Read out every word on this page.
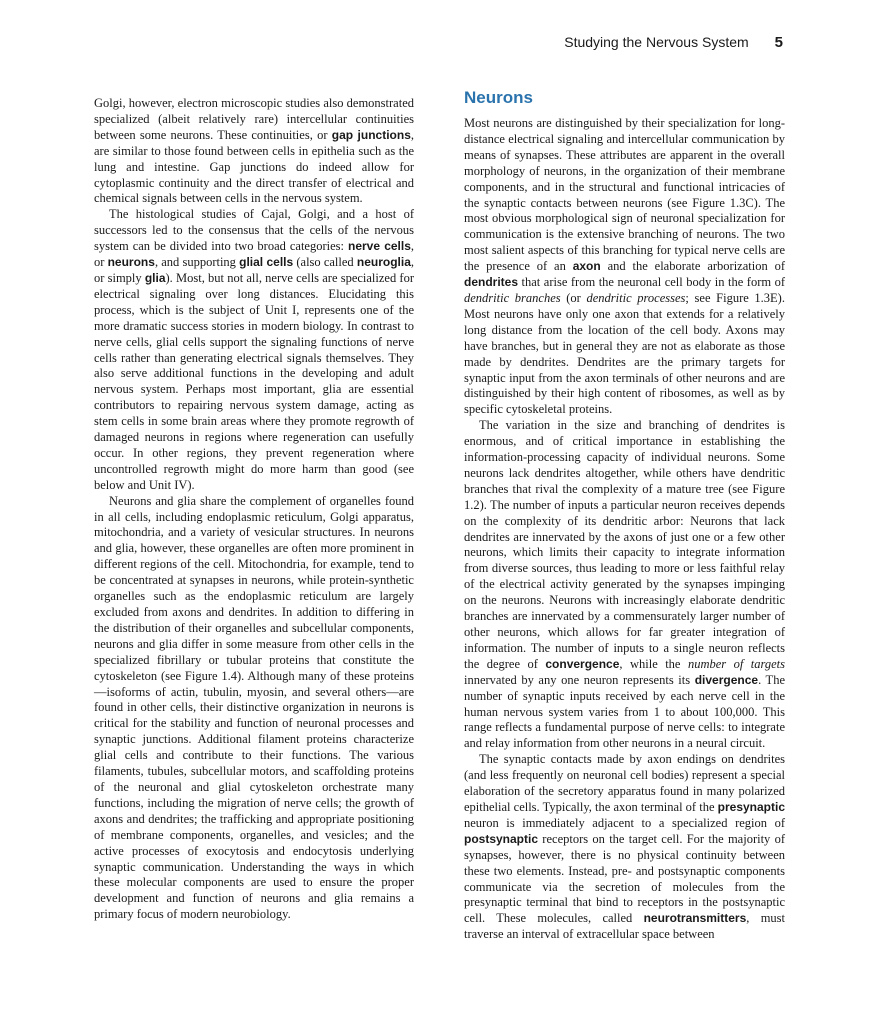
Studying the Nervous System 5

Golgi, however, electron microscopic studies also demonstrated specialized (albeit relatively rare) intercellular continuities between some neurons. These continuities, or gap junctions, are similar to those found between cells in epithelia such as the lung and intestine. Gap junctions do indeed allow for cytoplasmic continuity and the direct transfer of electrical and chemical signals between cells in the nervous system.

The histological studies of Cajal, Golgi, and a host of successors led to the consensus that the cells of the nervous system can be divided into two broad categories: nerve cells, or neurons, and supporting glial cells (also called neuroglia, or simply glia). Most, but not all, nerve cells are specialized for electrical signaling over long distances. Elucidating this process, which is the subject of Unit I, represents one of the more dramatic success stories in modern biology. In contrast to nerve cells, glial cells support the signaling functions of nerve cells rather than generating electrical signals themselves. They also serve additional functions in the developing and adult nervous system. Perhaps most important, glia are essential contributors to repairing nervous system damage, acting as stem cells in some brain areas where they promote regrowth of damaged neurons in regions where regeneration can usefully occur. In other regions, they prevent regeneration where uncontrolled regrowth might do more harm than good (see below and Unit IV).

Neurons and glia share the complement of organelles found in all cells, including endoplasmic reticulum, Golgi apparatus, mitochondria, and a variety of vesicular structures. In neurons and glia, however, these organelles are often more prominent in different regions of the cell. Mitochondria, for example, tend to be concentrated at synapses in neurons, while protein-synthetic organelles such as the endoplasmic reticulum are largely excluded from axons and dendrites. In addition to differing in the distribution of their organelles and subcellular components, neurons and glia differ in some measure from other cells in the specialized fibrillary or tubular proteins that constitute the cytoskeleton (see Figure 1.4). Although many of these proteins—isoforms of actin, tubulin, myosin, and several others—are found in other cells, their distinctive organization in neurons is critical for the stability and function of neuronal processes and synaptic junctions. Additional filament proteins characterize glial cells and contribute to their functions. The various filaments, tubules, subcellular motors, and scaffolding proteins of the neuronal and glial cytoskeleton orchestrate many functions, including the migration of nerve cells; the growth of axons and dendrites; the trafficking and appropriate positioning of membrane components, organelles, and vesicles; and the active processes of exocytosis and endocytosis underlying synaptic communication. Understanding the ways in which these molecular components are used to ensure the proper development and function of neurons and glia remains a primary focus of modern neurobiology.

Neurons

Most neurons are distinguished by their specialization for long-distance electrical signaling and intercellular communication by means of synapses. These attributes are apparent in the overall morphology of neurons, in the organization of their membrane components, and in the structural and functional intricacies of the synaptic contacts between neurons (see Figure 1.3C). The most obvious morphological sign of neuronal specialization for communication is the extensive branching of neurons. The two most salient aspects of this branching for typical nerve cells are the presence of an axon and the elaborate arborization of dendrites that arise from the neuronal cell body in the form of dendritic branches (or dendritic processes; see Figure 1.3E). Most neurons have only one axon that extends for a relatively long distance from the location of the cell body. Axons may have branches, but in general they are not as elaborate as those made by dendrites. Dendrites are the primary targets for synaptic input from the axon terminals of other neurons and are distinguished by their high content of ribosomes, as well as by specific cytoskeletal proteins.

The variation in the size and branching of dendrites is enormous, and of critical importance in establishing the information-processing capacity of individual neurons. Some neurons lack dendrites altogether, while others have dendritic branches that rival the complexity of a mature tree (see Figure 1.2). The number of inputs a particular neuron receives depends on the complexity of its dendritic arbor: Neurons that lack dendrites are innervated by the axons of just one or a few other neurons, which limits their capacity to integrate information from diverse sources, thus leading to more or less faithful relay of the electrical activity generated by the synapses impinging on the neurons. Neurons with increasingly elaborate dendritic branches are innervated by a commensurately larger number of other neurons, which allows for far greater integration of information. The number of inputs to a single neuron reflects the degree of convergence, while the number of targets innervated by any one neuron represents its divergence. The number of synaptic inputs received by each nerve cell in the human nervous system varies from 1 to about 100,000. This range reflects a fundamental purpose of nerve cells: to integrate and relay information from other neurons in a neural circuit.

The synaptic contacts made by axon endings on dendrites (and less frequently on neuronal cell bodies) represent a special elaboration of the secretory apparatus found in many polarized epithelial cells. Typically, the axon terminal of the presynaptic neuron is immediately adjacent to a specialized region of postsynaptic receptors on the target cell. For the majority of synapses, however, there is no physical continuity between these two elements. Instead, pre- and postsynaptic components communicate via the secretion of molecules from the presynaptic terminal that bind to receptors in the postsynaptic cell. These molecules, called neurotransmitters, must traverse an interval of extracellular space between
